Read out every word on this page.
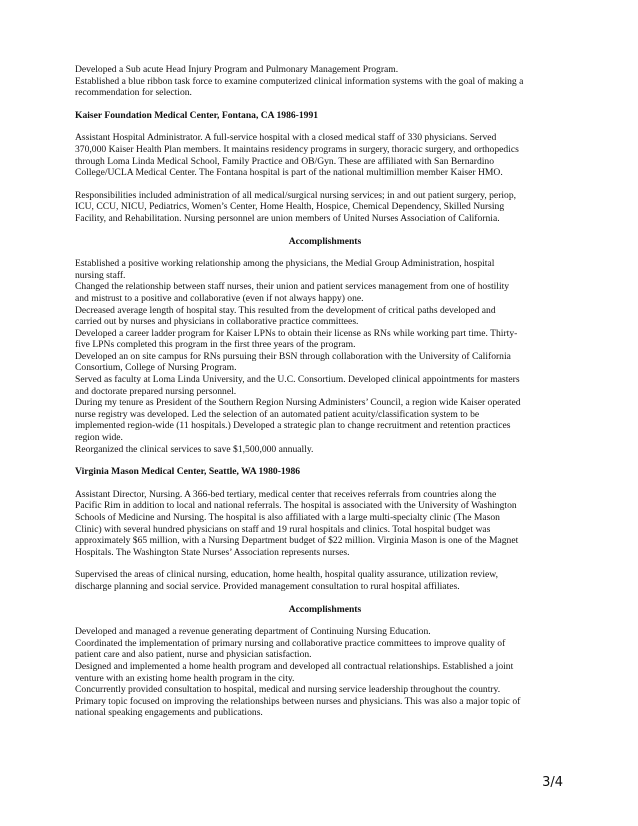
Developed a Sub acute Head Injury Program and Pulmonary Management Program.
Established a blue ribbon task force to examine computerized clinical information systems with the goal of making a
recommendation for selection.
Kaiser Foundation Medical Center, Fontana, CA 1986-1991
Assistant Hospital Administrator. A full-service hospital with a closed medical staff of 330 physicians. Served
370,000 Kaiser Health Plan members. It maintains residency programs in surgery, thoracic surgery, and orthopedics
through Loma Linda Medical School, Family Practice and OB/Gyn. These are affiliated with San Bernardino
College/UCLA Medical Center. The Fontana hospital is part of the national multimillion member Kaiser HMO.
Responsibilities included administration of all medical/surgical nursing services; in and out patient surgery, periop,
ICU, CCU, NICU, Pediatrics, Women’s Center, Home Health, Hospice, Chemical Dependency, Skilled Nursing
Facility, and Rehabilitation. Nursing personnel are union members of United Nurses Association of California.
Accomplishments
Established a positive working relationship among the physicians, the Medial Group Administration, hospital
nursing staff.
Changed the relationship between staff nurses, their union and patient services management from one of hostility
and mistrust to a positive and collaborative (even if not always happy) one.
Decreased average length of hospital stay. This resulted from the development of critical paths developed and
carried out by nurses and physicians in collaborative practice committees.
Developed a career ladder program for Kaiser LPNs to obtain their license as RNs while working part time. Thirty-
five LPNs completed this program in the first three years of the program.
Developed an on site campus for RNs pursuing their BSN through collaboration with the University of California
Consortium, College of Nursing Program.
Served as faculty at Loma Linda University, and the U.C. Consortium. Developed clinical appointments for masters
and doctorate prepared nursing personnel.
During my tenure as President of the Southern Region Nursing Administers’ Council, a region wide Kaiser operated
nurse registry was developed. Led the selection of an automated patient acuity/classification system to be
implemented region-wide (11 hospitals.) Developed a strategic plan to change recruitment and retention practices
region wide.
Reorganized the clinical services to save $1,500,000 annually.
Virginia Mason Medical Center, Seattle, WA 1980-1986
Assistant Director, Nursing. A 366-bed tertiary, medical center that receives referrals from countries along the
Pacific Rim in addition to local and national referrals. The hospital is associated with the University of Washington
Schools of Medicine and Nursing. The hospital is also affiliated with a large multi-specialty clinic (The Mason
Clinic) with several hundred physicians on staff and 19 rural hospitals and clinics. Total hospital budget was
approximately $65 million, with a Nursing Department budget of $22 million. Virginia Mason is one of the Magnet
Hospitals. The Washington State Nurses’ Association represents nurses.
Supervised the areas of clinical nursing, education, home health, hospital quality assurance, utilization review,
discharge planning and social service. Provided management consultation to rural hospital affiliates.
Accomplishments
Developed and managed a revenue generating department of Continuing Nursing Education.
Coordinated the implementation of primary nursing and collaborative practice committees to improve quality of
patient care and also patient, nurse and physician satisfaction.
Designed and implemented a home health program and developed all contractual relationships. Established a joint
venture with an existing home health program in the city.
Concurrently provided consultation to hospital, medical and nursing service leadership throughout the country.
Primary topic focused on improving the relationships between nurses and physicians. This was also a major topic of
national speaking engagements and publications.
3/4
